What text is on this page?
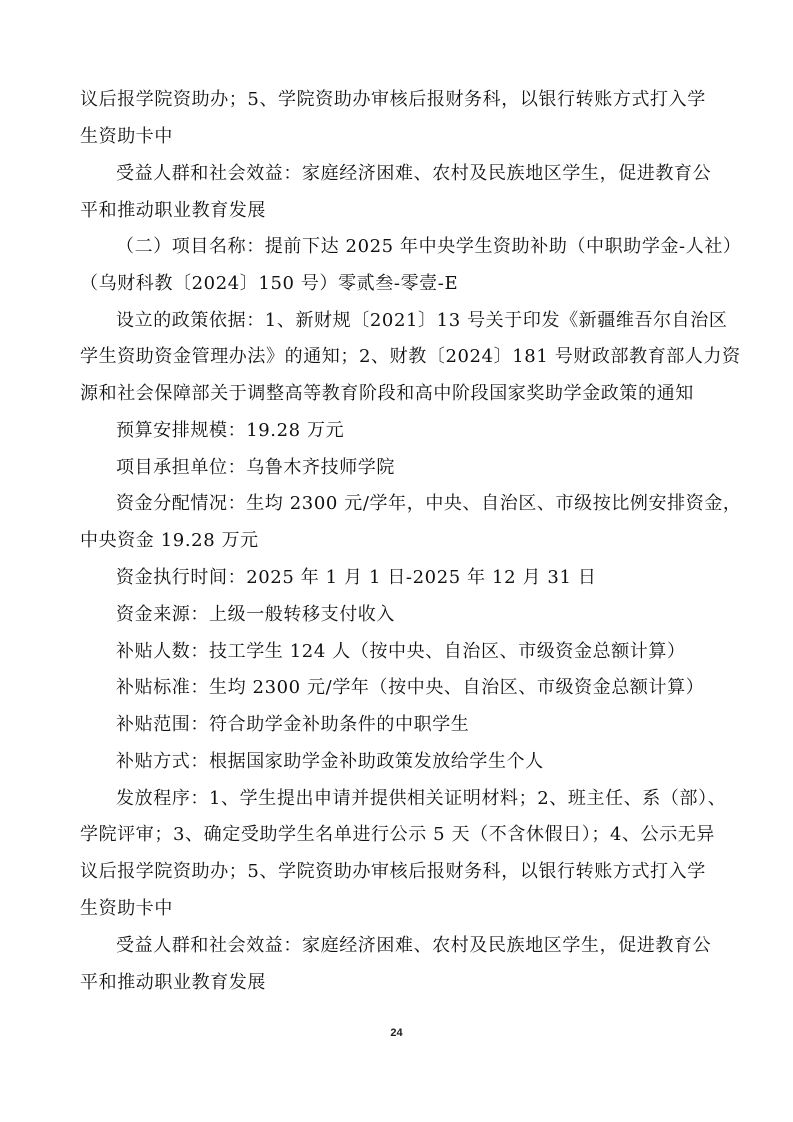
议后报学院资助办；5、学院资助办审核后报财务科，以银行转账方式打入学
生资助卡中
受益人群和社会效益：家庭经济困难、农村及民族地区学生，促进教育公
平和推动职业教育发展
（二）项目名称：提前下达 2025 年中央学生资助补助（中职助学金-人社）
（乌财科教〔2024〕150 号）零贰叁-零壹-E
设立的政策依据：1、新财规〔2021〕13 号关于印发《新疆维吾尔自治区
学生资助资金管理办法》的通知；2、财教〔2024〕181 号财政部教育部人力资
源和社会保障部关于调整高等教育阶段和高中阶段国家奖助学金政策的通知
预算安排规模：19.28 万元
项目承担单位：乌鲁木齐技师学院
资金分配情况：生均 2300 元/学年，中央、自治区、市级按比例安排资金，
中央资金 19.28 万元
资金执行时间：2025 年 1 月 1 日-2025 年 12 月 31 日
资金来源：上级一般转移支付收入
补贴人数：技工学生 124 人（按中央、自治区、市级资金总额计算）
补贴标准：生均 2300 元/学年（按中央、自治区、市级资金总额计算）
补贴范围：符合助学金补助条件的中职学生
补贴方式：根据国家助学金补助政策发放给学生个人
发放程序：1、学生提出申请并提供相关证明材料；2、班主任、系（部）、
学院评审；3、确定受助学生名单进行公示 5 天（不含休假日）；4、公示无异
议后报学院资助办；5、学院资助办审核后报财务科，以银行转账方式打入学
生资助卡中
受益人群和社会效益：家庭经济困难、农村及民族地区学生，促进教育公
平和推动职业教育发展
24
